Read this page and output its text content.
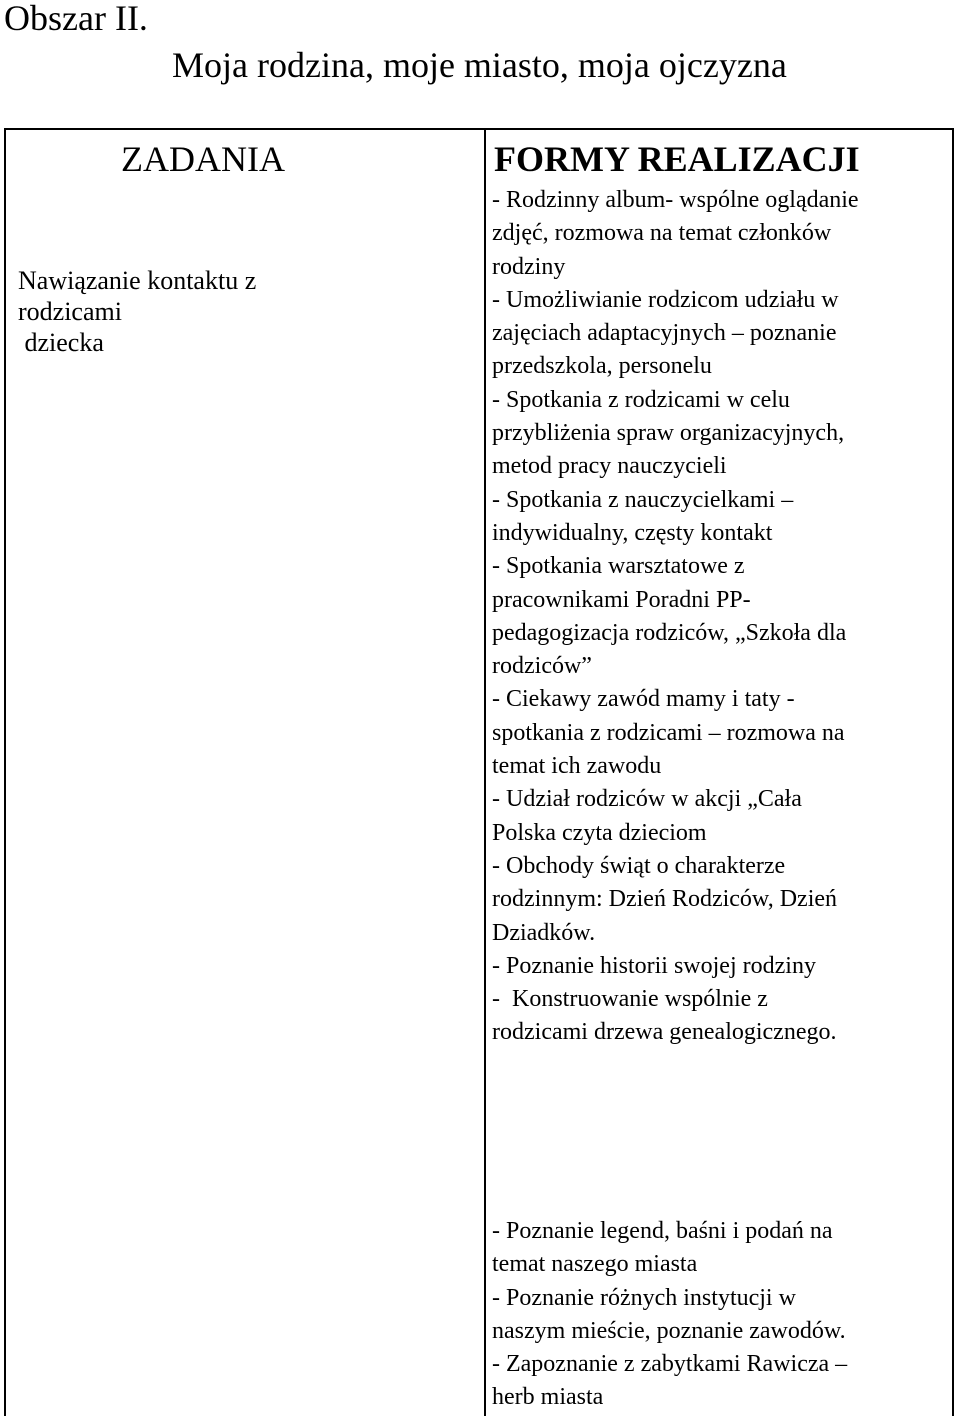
Obszar II.
Moja rodzina, moje miasto, moja ojczyzna
ZADANIA	FORMY REALIZACJI
Nawiązanie kontaktu z
rodzicami
dziecka
- Rodzinny album- wspólne oglądanie
zdjęć, rozmowa na temat członków
rodziny
- Umożliwianie rodzicom udziału w
zajęciach adaptacyjnych – poznanie
przedszkola, personelu
- Spotkania z rodzicami w celu
przybliżenia spraw organizacyjnych,
metod pracy nauczycieli
- Spotkania z nauczycielkami –
indywidualny, częsty kontakt
- Spotkania warsztatowe z
pracownikami Poradni PP-
pedagogizacja rodziców, „Szkoła dla
rodziców”
- Ciekawy zawód mamy i taty -
spotkania z rodzicami – rozmowa na
temat ich zawodu
- Udział rodziców w akcji „Cała
Polska czyta dzieciom
- Obchody świąt o charakterze
rodzinnym: Dzień Rodziców, Dzień
Dziadków.
- Poznanie historii swojej rodziny
-  Konstruowanie wspólnie z
rodzicami drzewa genealogicznego.
- Poznanie legend, baśni i podań na
temat naszego miasta
- Poznanie różnych instytucji w
naszym mieście, poznanie zawodów.
- Zapoznanie z zabytkami Rawicza –
herb miasta
